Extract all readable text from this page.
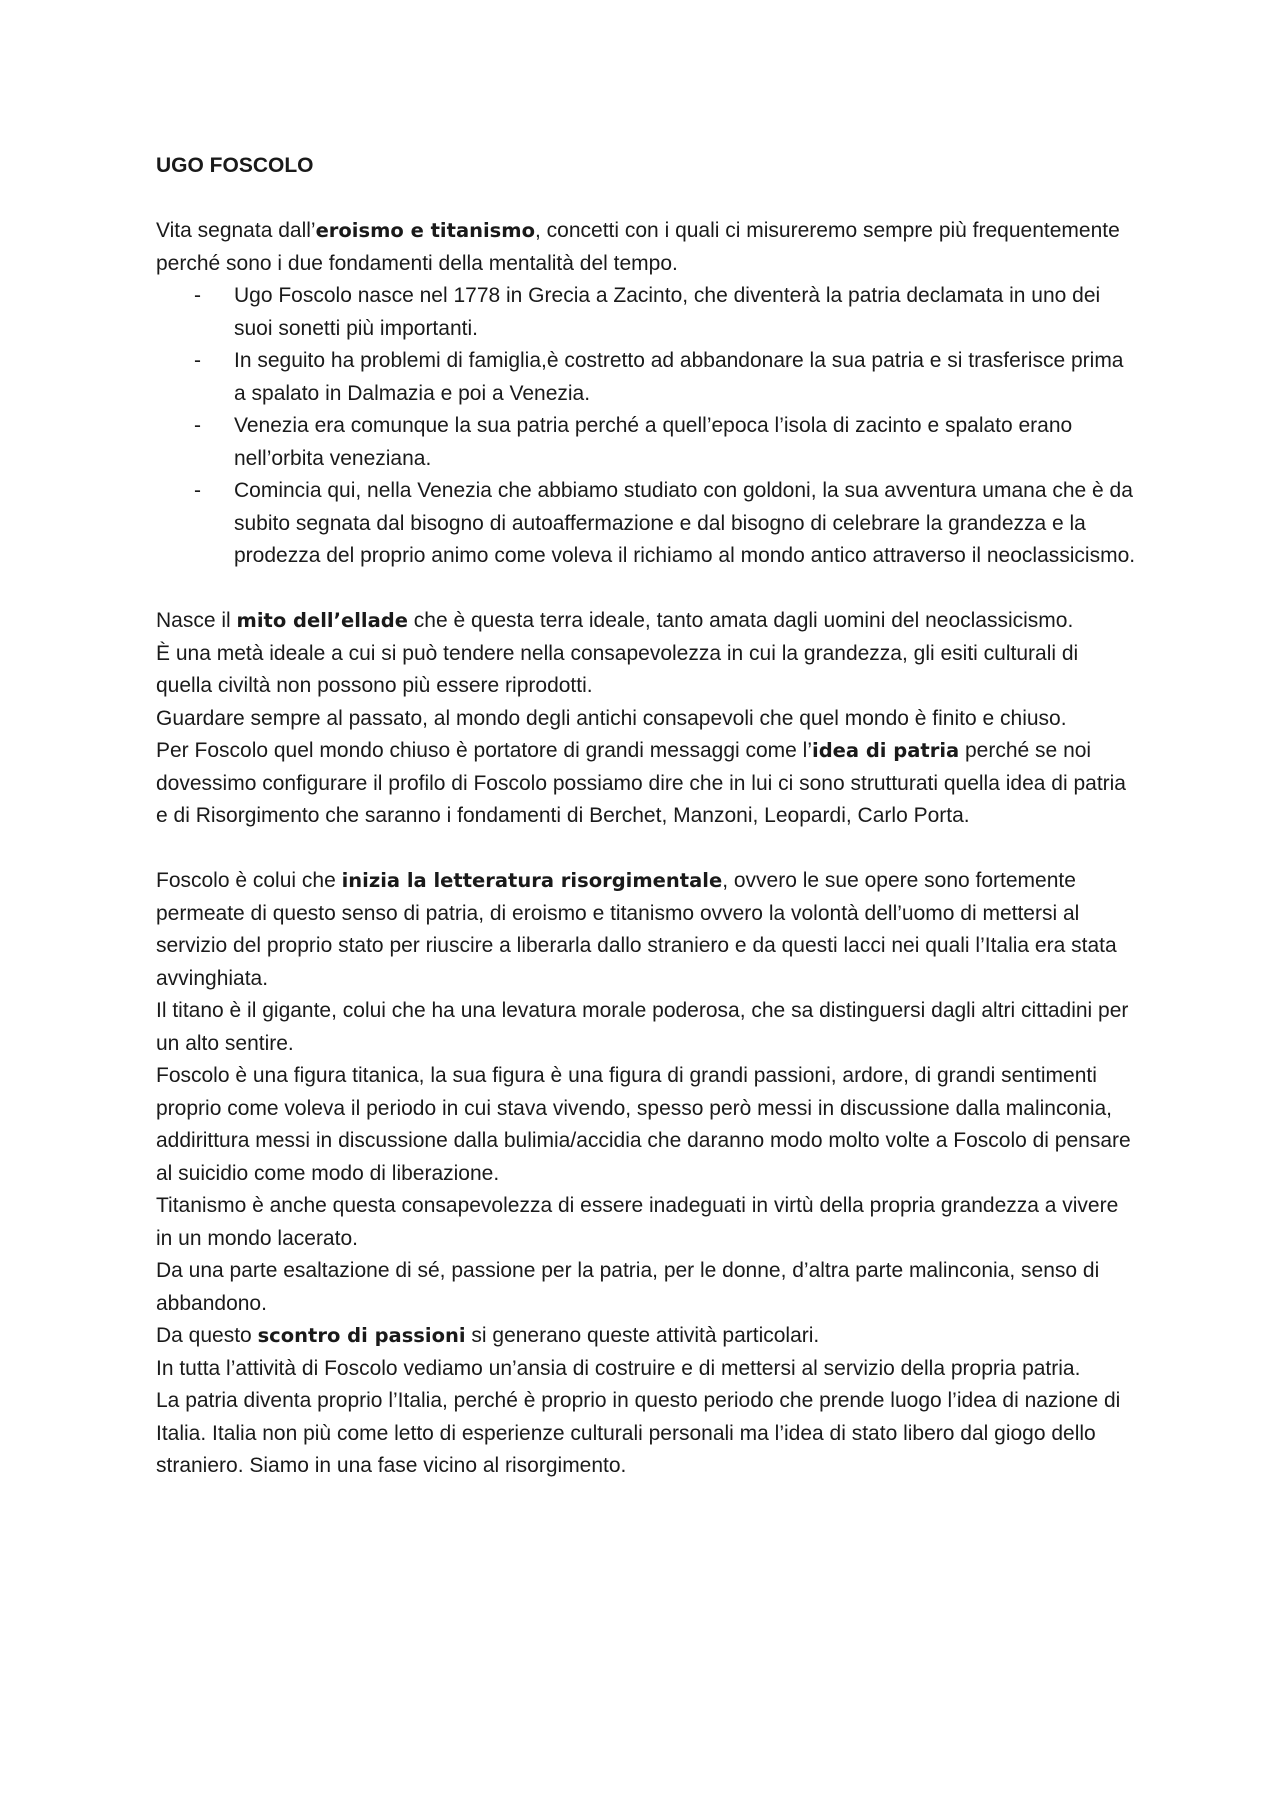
UGO FOSCOLO

Vita segnata dall’eroismo e titanismo, concetti con i quali ci misureremo sempre più frequentemente perché sono i due fondamenti della mentalità del tempo.

- Ugo Foscolo nasce nel 1778 in Grecia a Zacinto, che diventerà la patria declamata in uno dei suoi sonetti più importanti.
- In seguito ha problemi di famiglia,è costretto ad abbandonare la sua patria e si trasferisce prima a spalato in Dalmazia e poi a Venezia.
- Venezia era comunque la sua patria perché a quell’epoca l’isola di zacinto e spalato erano nell’orbita veneziana.
- Comincia qui, nella Venezia che abbiamo studiato con goldoni, la sua avventura umana che è da subito segnata dal bisogno di autoaffermazione e dal bisogno di celebrare la grandezza e la prodezza del proprio animo come voleva il richiamo al mondo antico attraverso il neoclassicismo.

Nasce il mito dell’ellade che è questa terra ideale, tanto amata dagli uomini del neoclassicismo.

È una metà ideale a cui si può tendere nella consapevolezza in cui la grandezza, gli esiti culturali di quella civiltà non possono più essere riprodotti.

Guardare sempre al passato, al mondo degli antichi consapevoli che quel mondo è finito e chiuso.

Per Foscolo quel mondo chiuso è portatore di grandi messaggi come l’idea di patria perché se noi dovessimo configurare il profilo di Foscolo possiamo dire che in lui ci sono strutturati quella idea di patria e di Risorgimento che saranno i fondamenti di Berchet, Manzoni, Leopardi, Carlo Porta.

Foscolo è colui che inizia la letteratura risorgimentale, ovvero le sue opere sono fortemente permeate di questo senso di patria, di eroismo e titanismo ovvero la volontà dell’uomo di mettersi al servizio del proprio stato per riuscire a liberarla dallo straniero e da questi lacci nei quali l’Italia era stata avvinghiata.

Il titano è il gigante, colui che ha una levatura morale poderosa, che sa distinguersi dagli altri cittadini per un alto sentire.

Foscolo è una figura titanica, la sua figura è una figura di grandi passioni, ardore, di grandi sentimenti proprio come voleva il periodo in cui stava vivendo, spesso però messi in discussione dalla malinconia, addirittura messi in discussione dalla bulimia/accidia che daranno modo molto volte a Foscolo di pensare al suicidio come modo di liberazione.

Titanismo è anche questa consapevolezza di essere inadeguati in virtù della propria grandezza a vivere in un mondo lacerato.

Da una parte esaltazione di sé, passione per la patria, per le donne, d’altra parte malinconia, senso di abbandono.

Da questo scontro di passioni si generano queste attività particolari.

In tutta l’attività di Foscolo vediamo un’ansia di costruire e di mettersi al servizio della propria patria.

La patria diventa proprio l’Italia, perché è proprio in questo periodo che prende luogo l’idea di nazione di Italia. Italia non più come letto di esperienze culturali personali ma l’idea di stato libero dal giogo dello straniero. Siamo in una fase vicino al risorgimento.
